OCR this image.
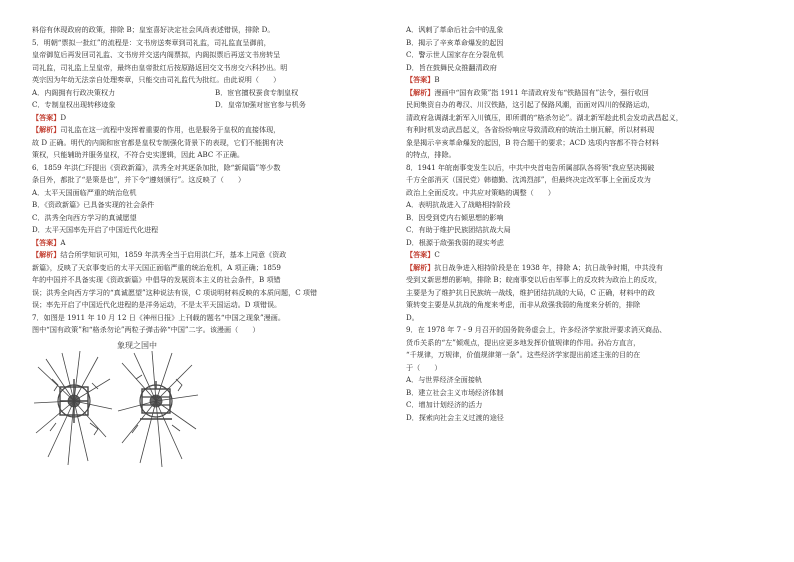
料俗有休现政府的政策，排除 B；皇室喜好决定社会风尚表述错误，排除 D。

5．明朝“票拟一批红”的流程是：文书房送奏章到司礼监，司礼监直呈御前，

皇帝御览后再发回司礼监、文书房并交送内阁票拟，内阁拟票后再送文书房转呈

司礼监，司礼监上呈皇帝，最终由皇帝批红后按原路返回交文书房交六科抄出。明

英宗因为年幼无法亲自处理奏章，只能交由司礼监代为批红。由此说明（　　）

A．内阁拥有行政决策权力	B．宦官擅权蚕食专制皇权
C．专制皇权出现转移迹象	D．皇帝加强对宦官参与机务

【答案】D

【解析】司礼监在这一流程中发挥着重要的作用，也是服务于皇权的直接体现，

故 D 正确。明代的内阁和宦官都是皇权专制强化背景下的表现，它们不能拥有决

策权，只能辅助并服务皇权，不符合史实逻辑，因此 ABC 不正确。

6．1859 年洪仁玕提出《资政新篇》，洪秀全对其逐条加批，除“新闻篇”等少数

条目外，都批了“是策是也”，并下令“遵刻颁行”。这反映了（　　）

A．太平天国面临严重的统治危机

B．《资政新篇》已具备实现的社会条件

C．洪秀全向西方学习的真诚愿望

D．太平天国率先开启了中国近代化进程

【答案】A

【解析】结合所学知识可知，1859 年洪秀全当于启用洪仁玕，基本上同意《资政

新篇》，反映了天京事变后的太平天国正面临严重的统治危机，A 项正确；1859

年的中国并不具备实现《资政新篇》中倡导的发展资本主义的社会条件，B 项错

误；洪秀全向西方学习的“真诚愿望”这种说法有误，C 项说明材料反映的本质问题，C 项错

误；率先开启了中国近代化进程的是洋务运动，不是太平天国运动。D 项错误。

7．如图是 1911 年 10 月 12 日《神州日报》上刊载的题名“中国之现象”漫画。

图中“国有政策”和“格杀勿论”两粒子弹击碎“中国”二字。该漫画（　　）

象现之国中

A．讽刺了革命后社会中的乱象

B．揭示了辛亥革命爆发的起因

C．警示世人国家存在分裂危机

D．旨在鼓舞民众推翻清政府

【答案】B

【解析】漫画中“国有政策”指 1911 年清政府发布“铁路国有”法令，强行收回

民间集资自办的粤汉、川汉铁路，这引起了保路风潮，而面对四川的保路运动，

清政府急调湖北新军入川镇压，即所谓的“格杀勿论”。湖北新军趁此机会发动武昌起义，

有利时机发动武昌起义，各省纷纷响应导致清政府的统治土崩瓦解，所以材料现

象是揭示辛亥革命爆发的起因，B 符合题干的要求；ACD 选项内容都不符合材料

的特点，排除。

8．1941 年皖南事变发生以后，中共中央首电告所属部队各将领“我应坚决揭破

千方全部消灭（国民党）韩德勤、沈鸿烈部”，但最终决定改军事上全面反攻为

政治上全面反攻。中共应对策略的调整（　　）

A．表明抗战进入了战略相持阶段

B．因受到党内右倾思想的影响

C．有助于维护民族团结抗战大局

D．根源于敌强我弱的现实考虑

【答案】C

【解析】抗日战争进入相持阶段是在 1938 年，排除 A；抗日战争时期，中共没有

受到又新思想的影响，排除 B；皖南事变以后由军事上的反攻转为政治上的反攻，

主要是为了维护抗日民族统一战线，维护团结抗战的大局，C 正确，材料中的政

策转变主要是从抗战的角度来考虑，而非从敌强我弱的角度来分析的，排除

D。

9．在 1978 年 7 - 9 月召开的国务院务虚会上，许多经济学家批评要求消灭商品、

货币关系的“左”倾观点，提出应更多地发挥价值规律的作用。孙冶方直言，

“千规律，万规律，价值规律第一条”。这些经济学家提出前述主张的目的在

于（　　）

A．与世界经济全面接轨

B．建立社会主义市场经济体制

C．增加计划经济的活力

D．探索向社会主义过渡的途径
